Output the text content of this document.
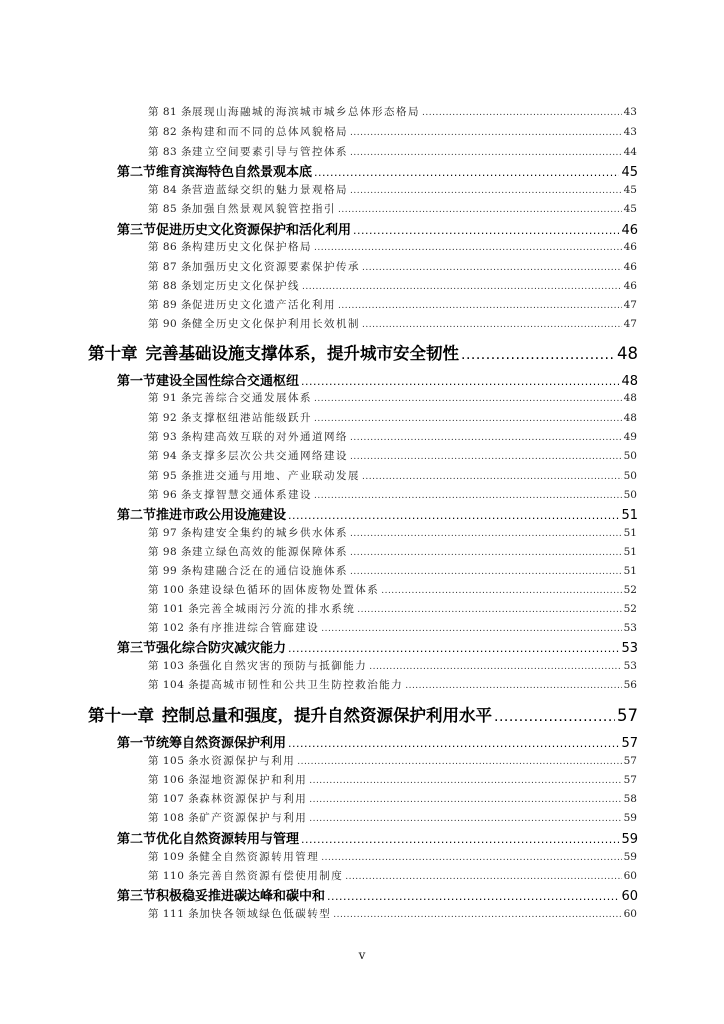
第 81 条 展现山海融城的海滨城市城乡总体形态格局 .....	43
第 82 条 构建和而不同的总体风貌格局 .....	43
第 83 条 建立空间要素引导与管控体系 .....	44
第二节 维育滨海特色自然景观本底 .....	45
第 84 条 营造蓝绿交织的魅力景观格局 .....	45
第 85 条 加强自然景观风貌管控指引 .....	45
第三节 促进历史文化资源保护和活化利用 .....	46
第 86 条 构建历史文化保护格局 .....	46
第 87 条 加强历史文化资源要素保护传承 .....	46
第 88 条 划定历史文化保护线 .....	46
第 89 条 促进历史文化遗产活化利用 .....	47
第 90 条 健全历史文化保护利用长效机制 .....	47
第十章 完善基础设施支撑体系，提升城市安全韧性 .....	48
第一节 建设全国性综合交通枢纽 .....	48
第 91 条 完善综合交通发展体系 .....	48
第 92 条 支撑枢纽港站能级跃升 .....	48
第 93 条 构建高效互联的对外通道网络 .....	49
第 94 条 支撑多层次公共交通网络建设 .....	50
第 95 条 推进交通与用地、产业联动发展 .....	50
第 96 条 支撑智慧交通体系建设 .....	50
第二节 推进市政公用设施建设 .....	51
第 97 条 构建安全集约的城乡供水体系 .....	51
第 98 条 建立绿色高效的能源保障体系 .....	51
第 99 条 构建融合泛在的通信设施体系 .....	51
第 100 条 建设绿色循环的固体废物处置体系 .....	52
第 101 条 完善全城雨污分流的排水系统 .....	52
第 102 条 有序推进综合管廊建设 .....	53
第三节 强化综合防灾减灾能力 .....	53
第 103 条 强化自然灾害的预防与抵御能力 .....	53
第 104 条 提高城市韧性和公共卫生防控救治能力 .....	56
第十一章 控制总量和强度，提升自然资源保护利用水平 .....	57
第一节 统筹自然资源保护利用 .....	57
第 105 条 水资源保护与利用 .....	57
第 106 条 湿地资源保护和利用 .....	57
第 107 条 森林资源保护与利用 .....	58
第 108 条 矿产资源保护与利用 .....	59
第二节 优化自然资源转用与管理 .....	59
第 109 条 健全自然资源转用管理 .....	59
第 110 条 完善自然资源有偿使用制度 .....	60
第三节 积极稳妥推进碳达峰和碳中和 .....	60
第 111 条 加快各领域绿色低碳转型 .....	60
v
